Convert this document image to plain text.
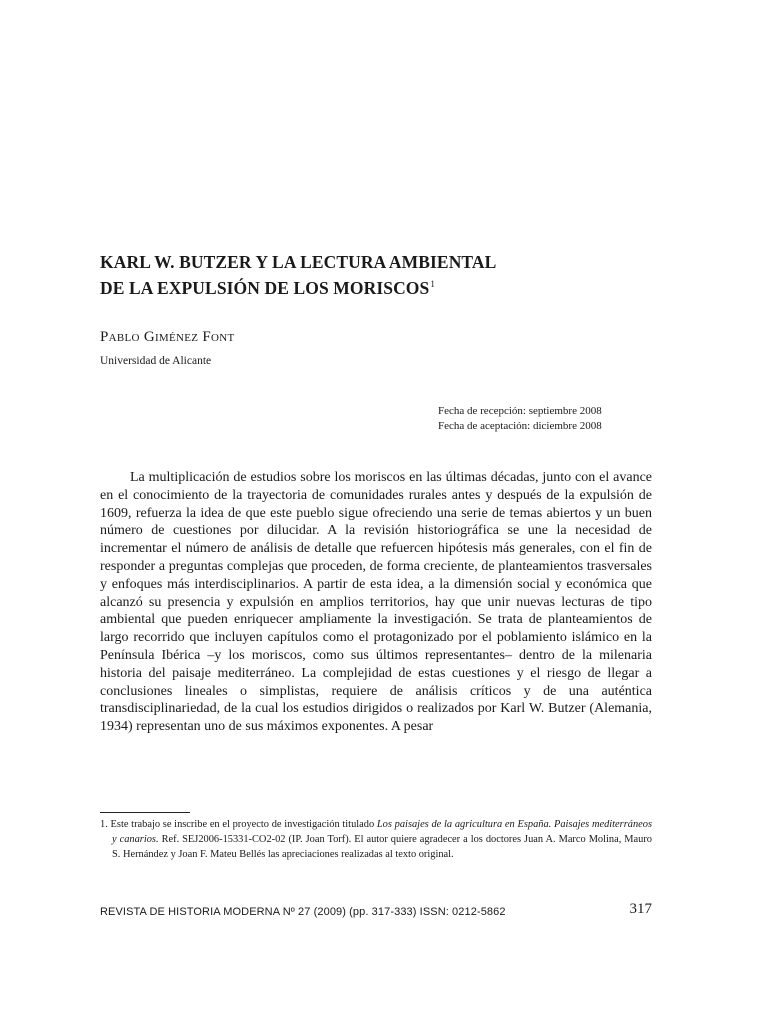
KARL W. BUTZER Y LA LECTURA AMBIENTAL
DE LA EXPULSIÓN DE LOS MORISCOS$^1$
Pablo Giménez Font
Universidad de Alicante
Fecha de recepción: septiembre 2008
Fecha de aceptación: diciembre 2008

La multiplicación de estudios sobre los moriscos en las últimas décadas, junto con el avance en el conocimiento de la trayectoria de comunidades rurales antes y después de la expulsión de 1609, refuerza la idea de que este pueblo sigue ofreciendo una serie de temas abiertos y un buen número de cuestiones por dilucidar. A la revisión historiográfica se une la necesidad de incrementar el número de análisis de detalle que refuercen hipótesis más generales, con el fin de responder a preguntas complejas que proceden, de forma creciente, de planteamientos trasversales y enfoques más interdisciplinarios. A partir de esta idea, a la dimensión social y económica que alcanzó su presencia y expulsión en amplios territorios, hay que unir nuevas lecturas de tipo ambiental que pueden enriquecer ampliamente la investigación. Se trata de planteamientos de largo recorrido que incluyen capítulos como el protagonizado por el poblamiento islámico en la Península Ibérica –y los moriscos, como sus últimos representantes– dentro de la milenaria historia del paisaje mediterráneo. La complejidad de estas cuestiones y el riesgo de llegar a conclusiones lineales o simplistas, requiere de análisis críticos y de una auténtica transdisciplinariedad, de la cual los estudios dirigidos o realizados por Karl W. Butzer (Alemania, 1934) representan uno de sus máximos exponentes. A pesar

1. Este trabajo se inscribe en el proyecto de investigación titulado Los paisajes de la agricultura en España. Paisajes mediterráneos y canarios. Ref. SEJ2006-15331-CO2-02 (IP. Joan Torf). El autor quiere agradecer a los doctores Juan A. Marco Molina, Mauro S. Hernández y Joan F. Mateu Bellés las apreciaciones realizadas al texto original.
REVISTA DE HISTORIA MODERNA Nº 27 (2009) (pp. 317-333) ISSN: 0212-5862	317
